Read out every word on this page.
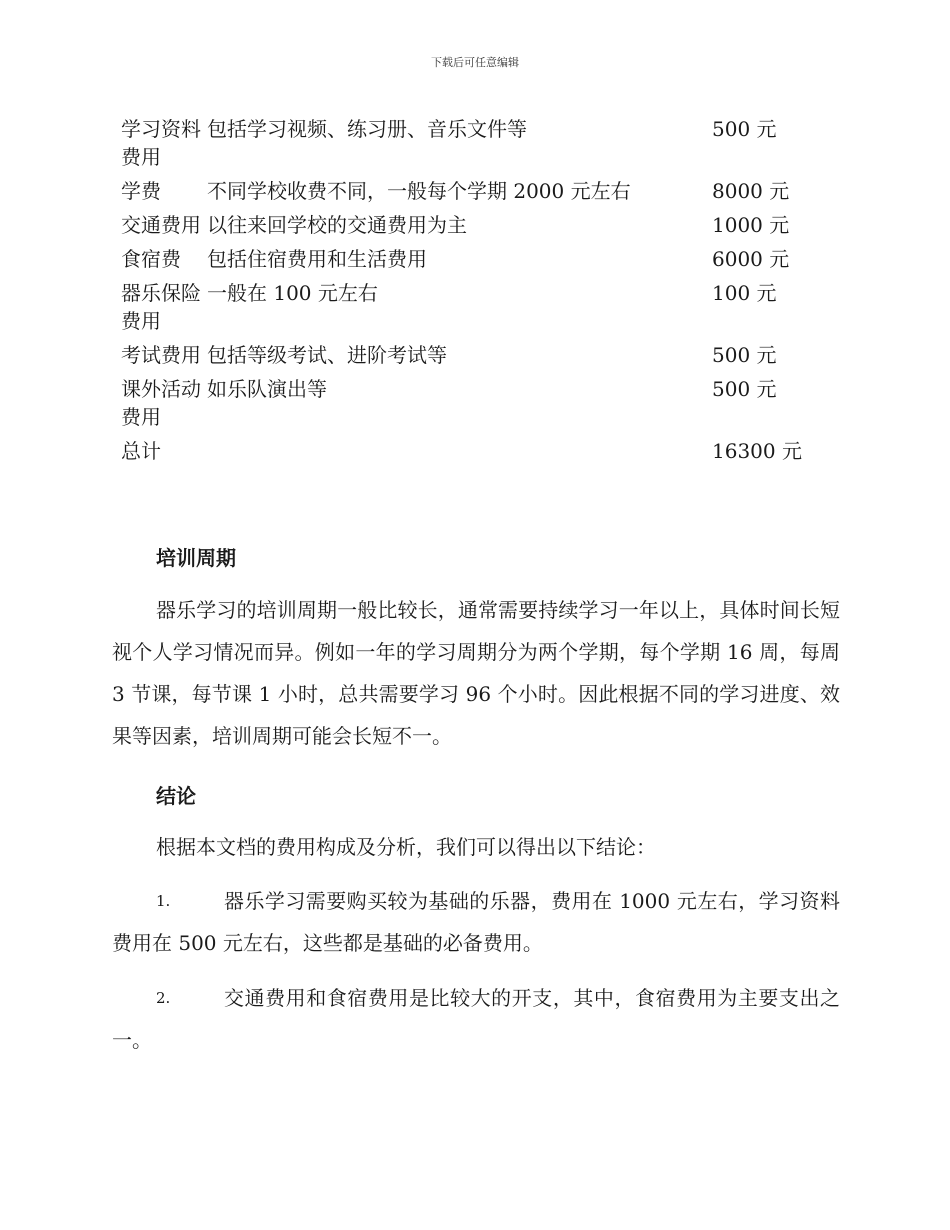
下载后可任意编辑
学习资料费用	包括学习视频、练习册、音乐文件等	500 元
学费	不同学校收费不同，一般每个学期 2000 元左右	8000 元
交通费用	以往来回学校的交通费用为主	1000 元
食宿费	包括住宿费用和生活费用	6000 元
器乐保险费用	一般在 100 元左右	100 元
考试费用	包括等级考试、进阶考试等	500 元
课外活动费用	如乐队演出等	500 元
总计		16300 元
培训周期

器乐学习的培训周期一般比较长，通常需要持续学习一年以上，具体时间长短视个人学习情况而异。例如一年的学习周期分为两个学期，每个学期 16 周，每周 3 节课，每节课 1 小时，总共需要学习 96 个小时。因此根据不同的学习进度、效果等因素，培训周期可能会长短不一。

结论

根据本文档的费用构成及分析，我们可以得出以下结论：

1.	器乐学习需要购买较为基础的乐器，费用在 1000 元左右，学习资料费用在 500 元左右，这些都是基础的必备费用。

2.	交通费用和食宿费用是比较大的开支，其中，食宿费用为主要支出之一。
